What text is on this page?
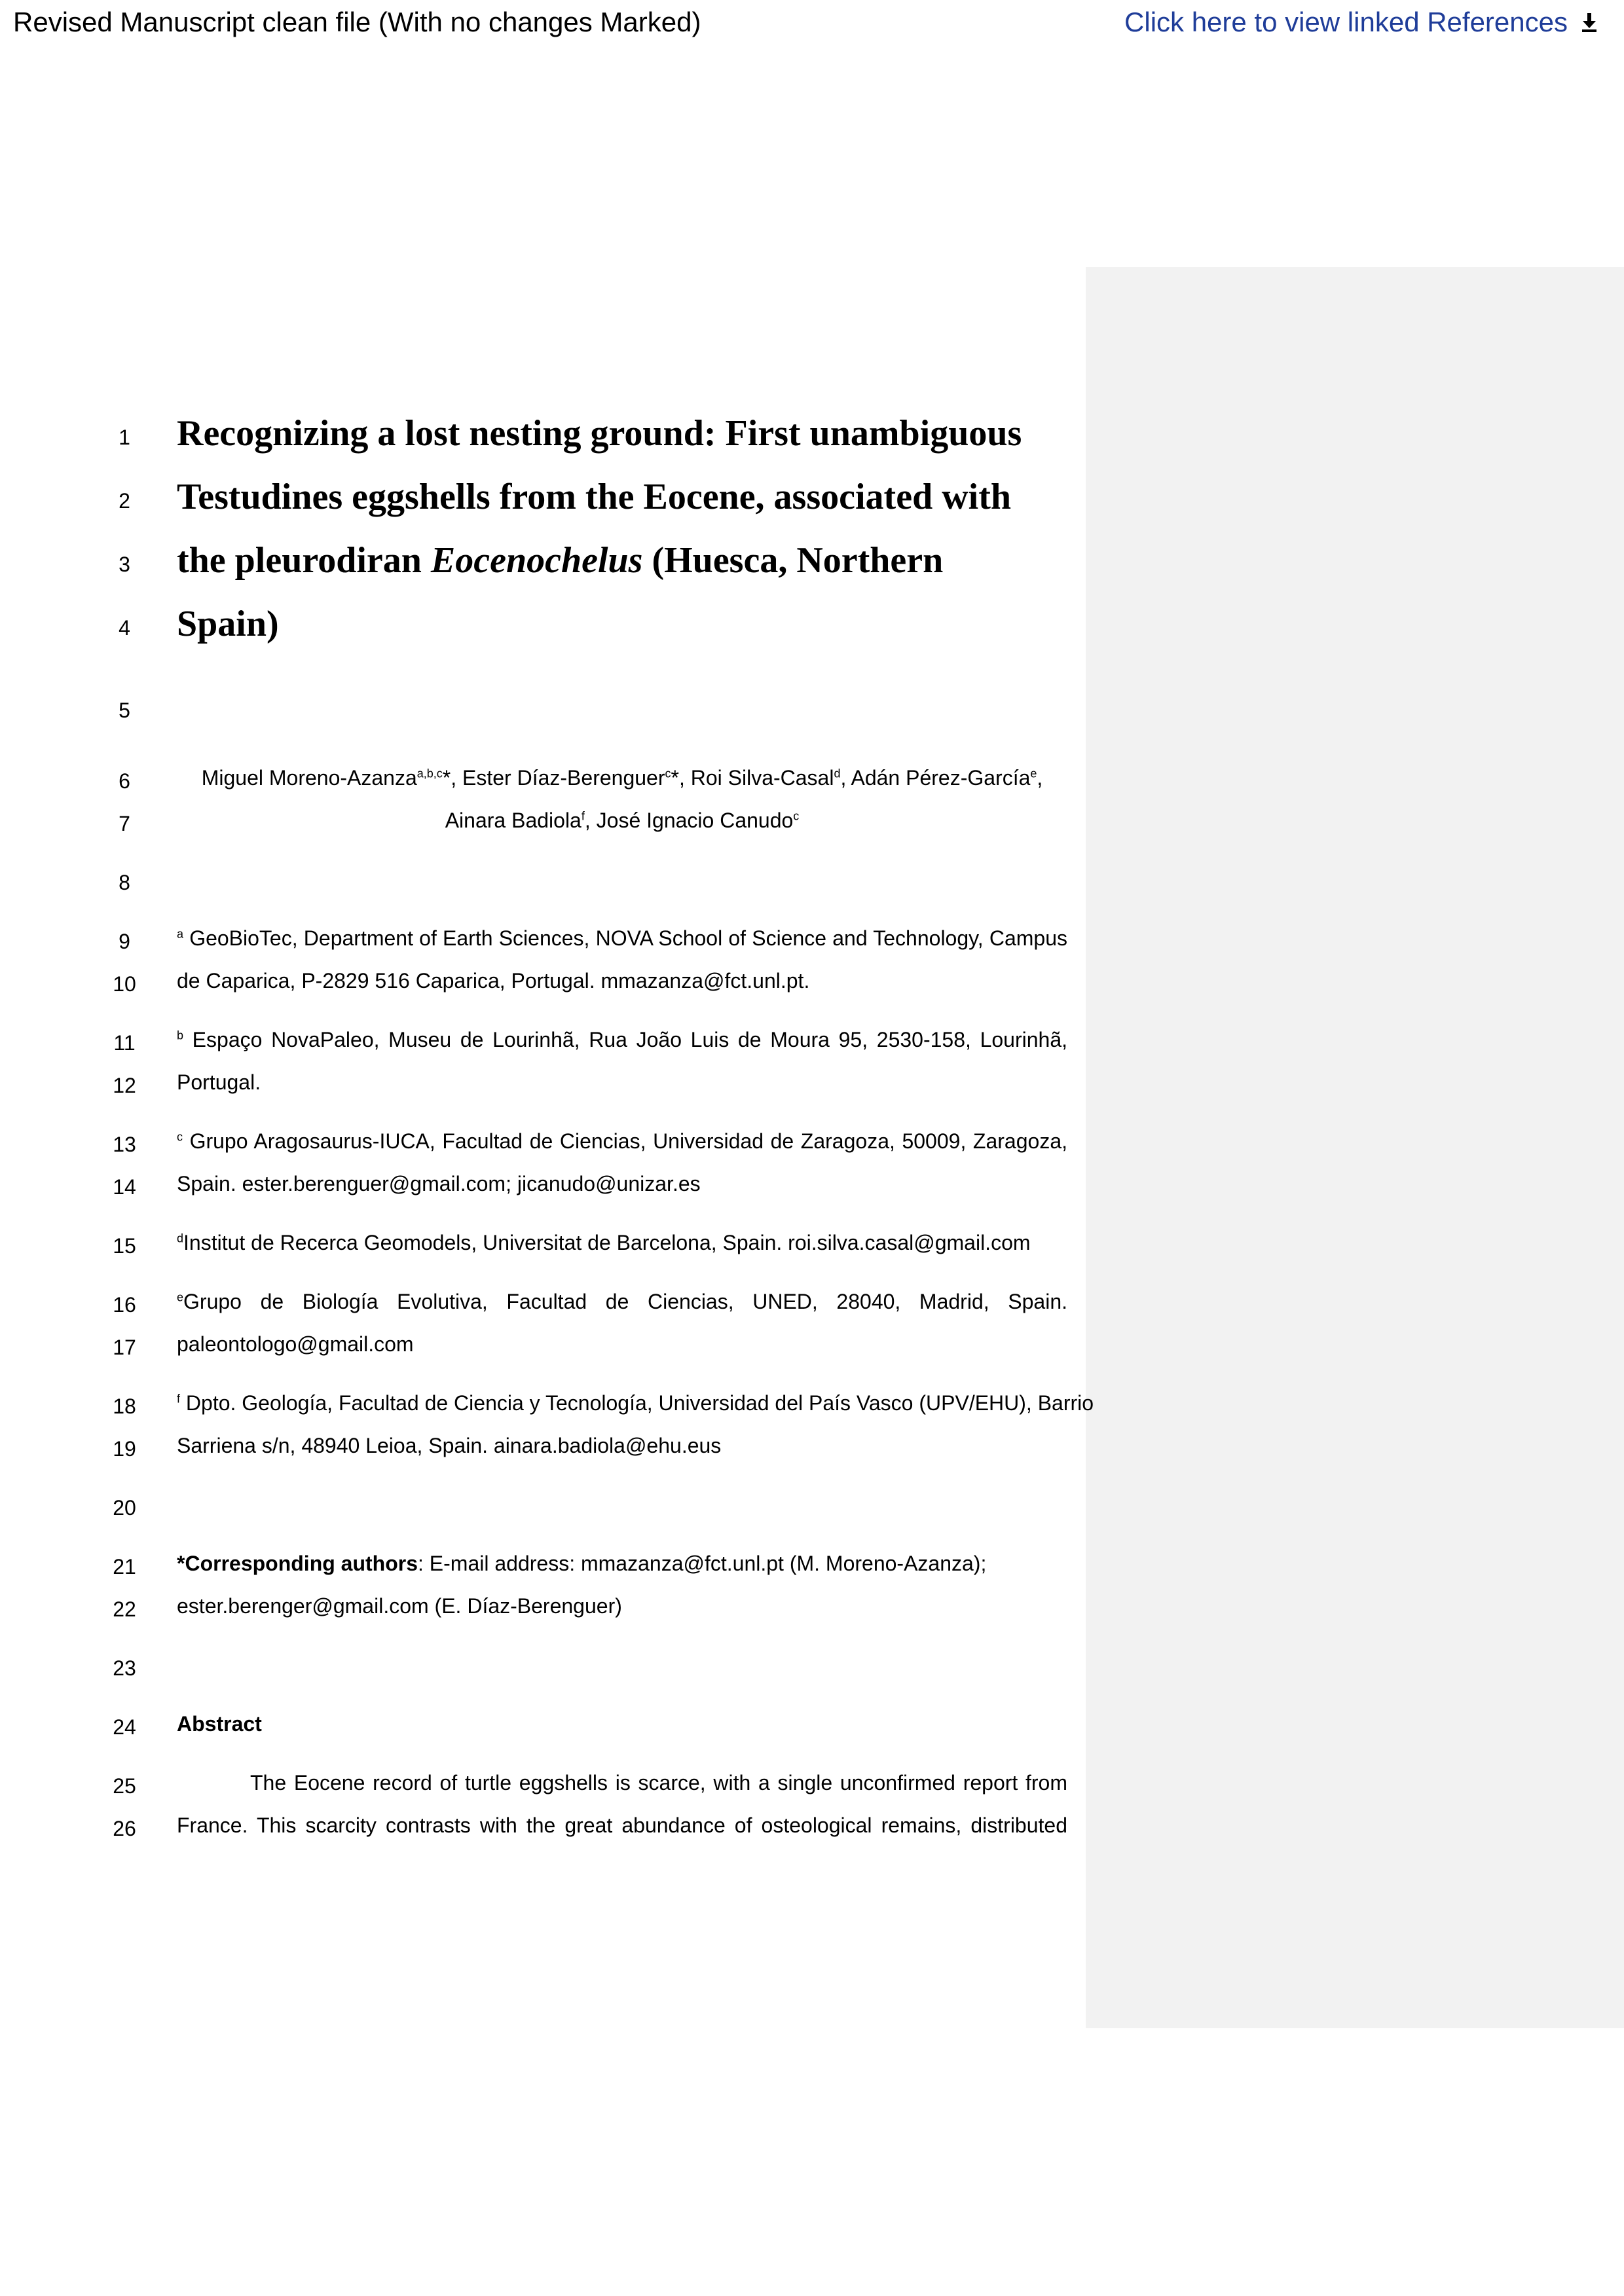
Revised Manuscript clean file (With no changes Marked)	Click here to view linked References
1
2
3
4
5
6
7
8
9
10
11
12
13
14
15
16
17
18
19
20
21
22
23
24
25
26
Recognizing a lost nesting ground: First unambiguous
Testudines eggshells from the Eocene, associated with
the pleurodiran Eocenochelus (Huesca, Northern
Spain)
Miguel Moreno-Azanza$^{a,b,c}$*, Ester Díaz-Berenguer$^c$*, Roi Silva-Casal$^d$, Adán Pérez-García$^e$,
Ainara Badiola$^f$, José Ignacio Canudo$^c$
$^a$ GeoBioTec, Department of Earth Sciences, NOVA School of Science and Technology, Campus
de Caparica, P-2829 516 Caparica, Portugal. mmazanza@fct.unl.pt.
$^b$ Espaço NovaPaleo, Museu de Lourinhã, Rua João Luis de Moura 95, 2530-158, Lourinhã,
Portugal.
$^c$ Grupo Aragosaurus-IUCA, Facultad de Ciencias, Universidad de Zaragoza, 50009, Zaragoza,
Spain. ester.berenguer@gmail.com; jicanudo@unizar.es
$^d$Institut de Recerca Geomodels, Universitat de Barcelona, Spain. roi.silva.casal@gmail.com
$^e$Grupo de Biología Evolutiva, Facultad de Ciencias, UNED, 28040, Madrid, Spain.
paleontologo@gmail.com
$^f$ Dpto. Geología, Facultad de Ciencia y Tecnología, Universidad del País Vasco (UPV/EHU), Barrio
Sarriena s/n, 48940 Leioa, Spain. ainara.badiola@ehu.eus
*Corresponding authors: E-mail address: mmazanza@fct.unl.pt (M. Moreno-Azanza);
ester.berenger@gmail.com (E. Díaz-Berenguer)
Abstract
The Eocene record of turtle eggshells is scarce, with a single unconfirmed report from
France. This scarcity contrasts with the great abundance of osteological remains, distributed
